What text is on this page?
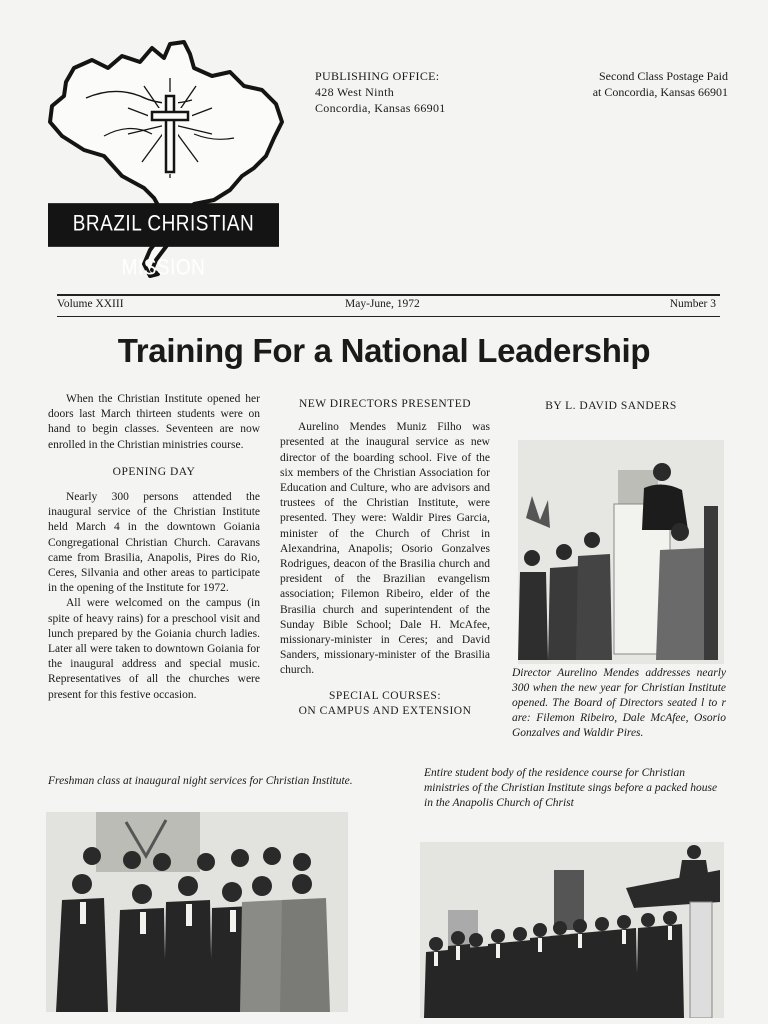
BRAZIL CHRISTIAN MISSION
PUBLISHING OFFICE:
428 West Ninth
Concordia, Kansas 66901
Second Class Postage Paid
at Concordia, Kansas 66901
Volume XXIII	May-June, 1972	Number 3
Training For a National Leadership

When the Christian Institute opened her doors last March thirteen students were on hand to begin classes. Seventeen are now enrolled in the Christian ministries course.

OPENING DAY

Nearly 300 persons attended the inaugural service of the Christian Institute held March 4 in the downtown Goiania Congregational Christian Church. Caravans came from Brasilia, Anapolis, Pires do Rio, Ceres, Silvania and other areas to participate in the opening of the Institute for 1972.

All were welcomed on the campus (in spite of heavy rains) for a preschool visit and lunch prepared by the Goiania church ladies. Later all were taken to downtown Goiania for the inaugural address and special music. Representatives of all the churches were present for this festive occasion.

NEW DIRECTORS PRESENTED

Aurelino Mendes Muniz Filho was presented at the inaugural service as new director of the boarding school. Five of the six members of the Christian Association for Education and Culture, who are advisors and trustees of the Christian Institute, were presented. They were: Waldir Pires Garcia, minister of the Church of Christ in Alexandrina, Anapolis; Osorio Gonzalves Rodrigues, deacon of the Brasilia church and president of the Brazilian evangelism association; Filemon Ribeiro, elder of the Brasilia church and superintendent of the Sunday Bible School; Dale H. McAfee, missionary-minister in Ceres; and David Sanders, missionary-minister of the Brasilia church.

SPECIAL COURSES:
ON CAMPUS AND EXTENSION
BY L. DAVID SANDERS
Director Aurelino Mendes addresses nearly 300 when the new year for Christian Institute opened. The Board of Directors seated l to r are: Filemon Ribeiro, Dale McAfee, Osorio Gonzalves and Waldir Pires.
Freshman class at inaugural night services for Christian Institute.
Entire student body of the residence course for Christian ministries of the Christian Institute sings before a packed house in the Anapolis Church of Christ
